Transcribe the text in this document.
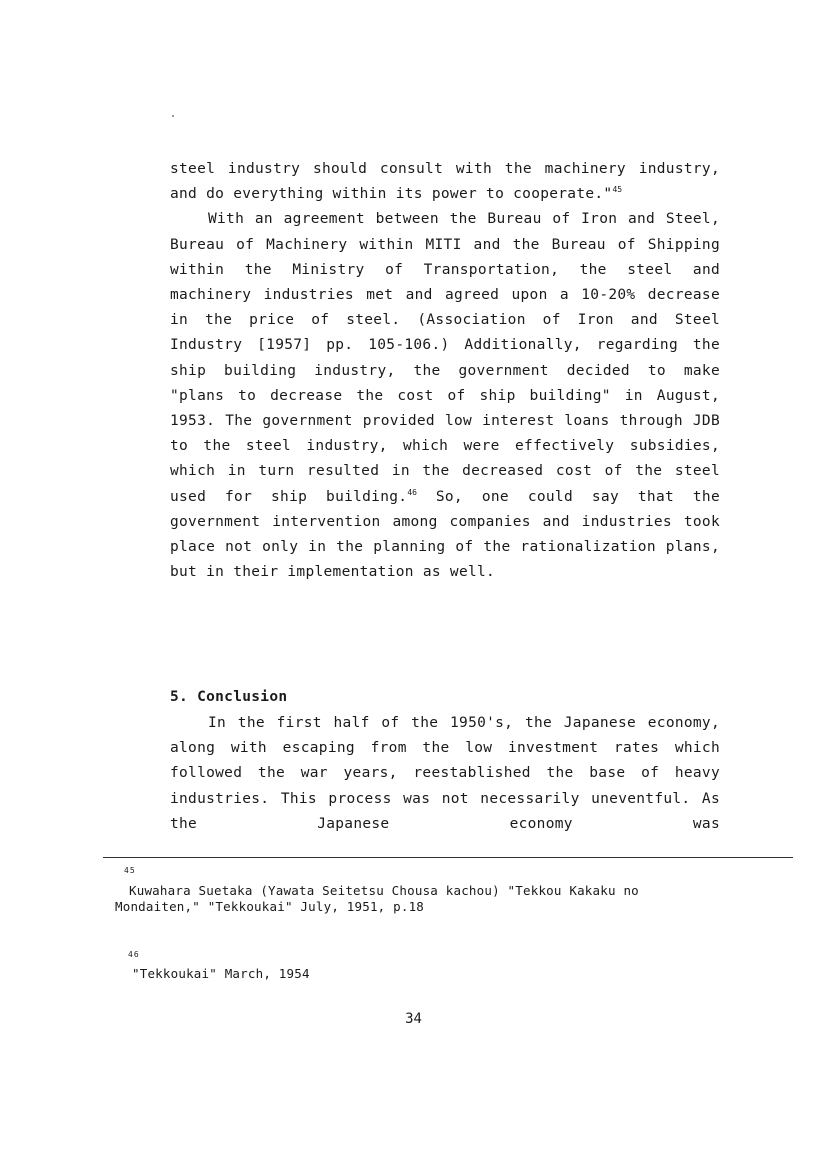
steel industry should consult with the machinery industry, and do everything within its power to cooperate."$^{45}$

With an agreement between the Bureau of Iron and Steel, Bureau of Machinery within MITI and the Bureau of Shipping within the Ministry of Transportation, the steel and machinery industries met and agreed upon a 10-20% decrease in the price of steel. (Association of Iron and Steel Industry [1957] pp. 105-106.) Additionally, regarding the ship building industry, the government decided to make "plans to decrease the cost of ship building" in August, 1953. The government provided low interest loans through JDB to the steel industry, which were effectively subsidies, which in turn resulted in the decreased cost of the steel used for ship building.$^{46}$ So, one could say that the government intervention among companies and industries took place not only in the planning of the rationalization plans, but in their implementation as well.

5. Conclusion

In the first half of the 1950's, the Japanese economy, along with escaping from the low investment rates which followed the war years, reestablished the base of heavy industries. This process was not necessarily uneventful. As the Japanese economy was

45
Kuwahara Suetaka (Yawata Seitetsu Chousa kachou) "Tekkou Kakaku no
Mondaiten," "Tekkoukai" July, 1951, p.18
46
"Tekkoukai" March, 1954
34
